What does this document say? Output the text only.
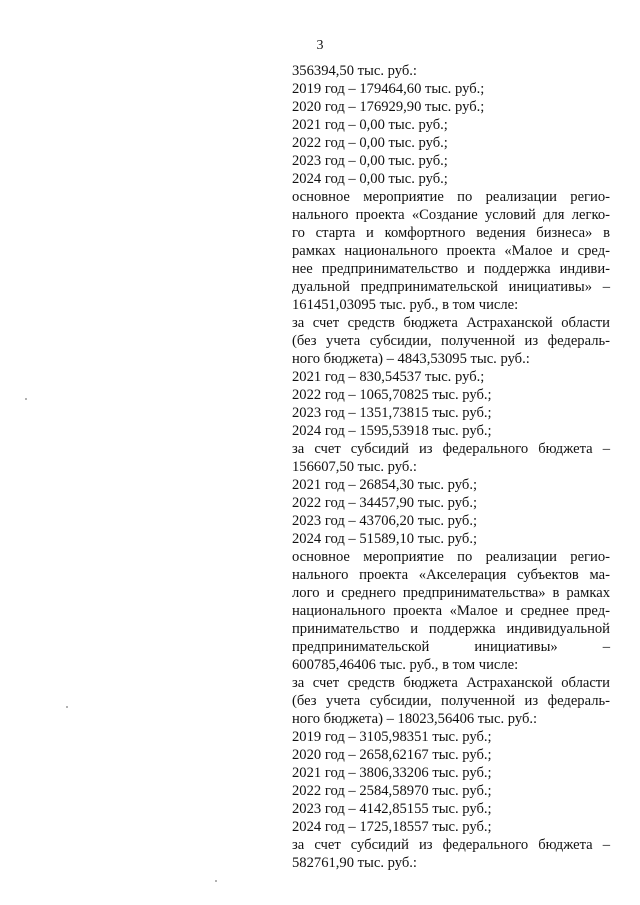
3
356394,50 тыс. руб.:
2019 год – 179464,60 тыс. руб.;
2020 год – 176929,90 тыс. руб.;
2021 год – 0,00 тыс. руб.;
2022 год – 0,00 тыс. руб.;
2023 год – 0,00 тыс. руб.;
2024 год – 0,00 тыс. руб.;
основное мероприятие по реализации регио-
нального проекта «Создание условий для легко-
го старта и комфортного ведения бизнеса» в
рамках национального проекта «Малое и сред-
нее предпринимательство и поддержка индиви-
дуальной предпринимательской инициативы» –
161451,03095 тыс. руб., в том числе:
за счет средств бюджета Астраханской области
(без учета субсидии, полученной из федераль-
ного бюджета) – 4843,53095 тыс. руб.:
2021 год – 830,54537 тыс. руб.;
2022 год – 1065,70825 тыс. руб.;
2023 год – 1351,73815 тыс. руб.;
2024 год – 1595,53918 тыс. руб.;
за счет субсидий из федерального бюджета –
156607,50 тыс. руб.:
2021 год – 26854,30 тыс. руб.;
2022 год – 34457,90 тыс. руб.;
2023 год – 43706,20 тыс. руб.;
2024 год – 51589,10 тыс. руб.;
основное мероприятие по реализации регио-
нального проекта «Акселерация субъектов ма-
лого и среднего предпринимательства» в рамках
национального проекта «Малое и среднее пред-
принимательство и поддержка индивидуальной
предпринимательской инициативы» –
600785,46406 тыс. руб., в том числе:
за счет средств бюджета Астраханской области
(без учета субсидии, полученной из федераль-
ного бюджета) – 18023,56406 тыс. руб.:
2019 год – 3105,98351 тыс. руб.;
2020 год – 2658,62167 тыс. руб.;
2021 год – 3806,33206 тыс. руб.;
2022 год – 2584,58970 тыс. руб.;
2023 год – 4142,85155 тыс. руб.;
2024 год – 1725,18557 тыс. руб.;
за счет субсидий из федерального бюджета –
582761,90 тыс. руб.:
